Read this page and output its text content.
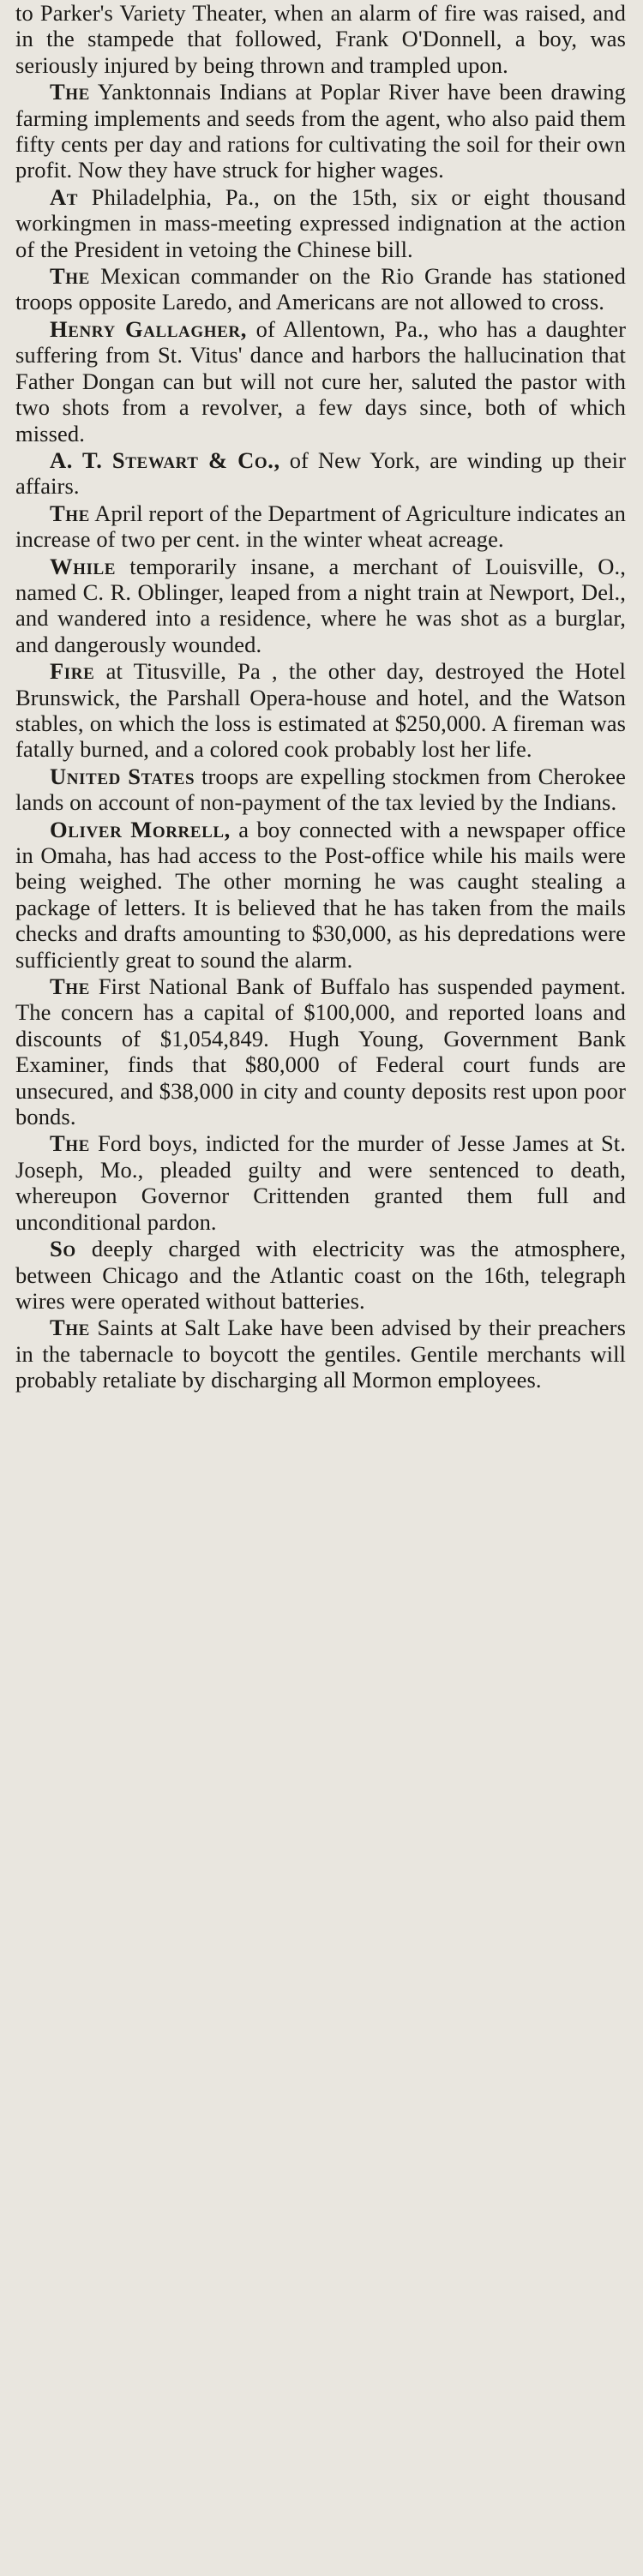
to Parker's Variety Theater, when an alarm of fire was raised, and in the stampede that followed, Frank O'Donnell, a boy, was seriously injured by being thrown and trampled upon.

The Yanktonnais Indians at Poplar River have been drawing farming implements and seeds from the agent, who also paid them fifty cents per day and rations for cultivating the soil for their own profit. Now they have struck for higher wages.

At Philadelphia, Pa., on the 15th, six or eight thousand workingmen in mass-meeting expressed indignation at the action of the President in vetoing the Chinese bill.

The Mexican commander on the Rio Grande has stationed troops opposite Laredo, and Americans are not allowed to cross.

Henry Gallagher, of Allentown, Pa., who has a daughter suffering from St. Vitus' dance and harbors the hallucination that Father Dongan can but will not cure her, saluted the pastor with two shots from a revolver, a few days since, both of which missed.

A. T. Stewart & Co., of New York, are winding up their affairs.

The April report of the Department of Agriculture indicates an increase of two per cent. in the winter wheat acreage.

While temporarily insane, a merchant of Louisville, O., named C. R. Oblinger, leaped from a night train at Newport, Del., and wandered into a residence, where he was shot as a burglar, and dangerously wounded.

Fire at Titusville, Pa , the other day, destroyed the Hotel Brunswick, the Parshall Opera-house and hotel, and the Watson stables, on which the loss is estimated at $250,000. A fireman was fatally burned, and a colored cook probably lost her life.

United States troops are expelling stockmen from Cherokee lands on account of non-payment of the tax levied by the Indians.

Oliver Morrell, a boy connected with a newspaper office in Omaha, has had access to the Post-office while his mails were being weighed. The other morning he was caught stealing a package of letters. It is believed that he has taken from the mails checks and drafts amounting to $30,000, as his depredations were sufficiently great to sound the alarm.

The First National Bank of Buffalo has suspended payment. The concern has a capital of $100,000, and reported loans and discounts of $1,054,849. Hugh Young, Government Bank Examiner, finds that $80,000 of Federal court funds are unsecured, and $38,000 in city and county deposits rest upon poor bonds.

The Ford boys, indicted for the murder of Jesse James at St. Joseph, Mo., pleaded guilty and were sentenced to death, whereupon Governor Crittenden granted them full and unconditional pardon.

So deeply charged with electricity was the atmosphere, between Chicago and the Atlantic coast on the 16th, telegraph wires were operated without batteries.

The Saints at Salt Lake have been advised by their preachers in the tabernacle to boycott the gentiles. Gentile merchants will probably retaliate by discharging all Mormon employees.
